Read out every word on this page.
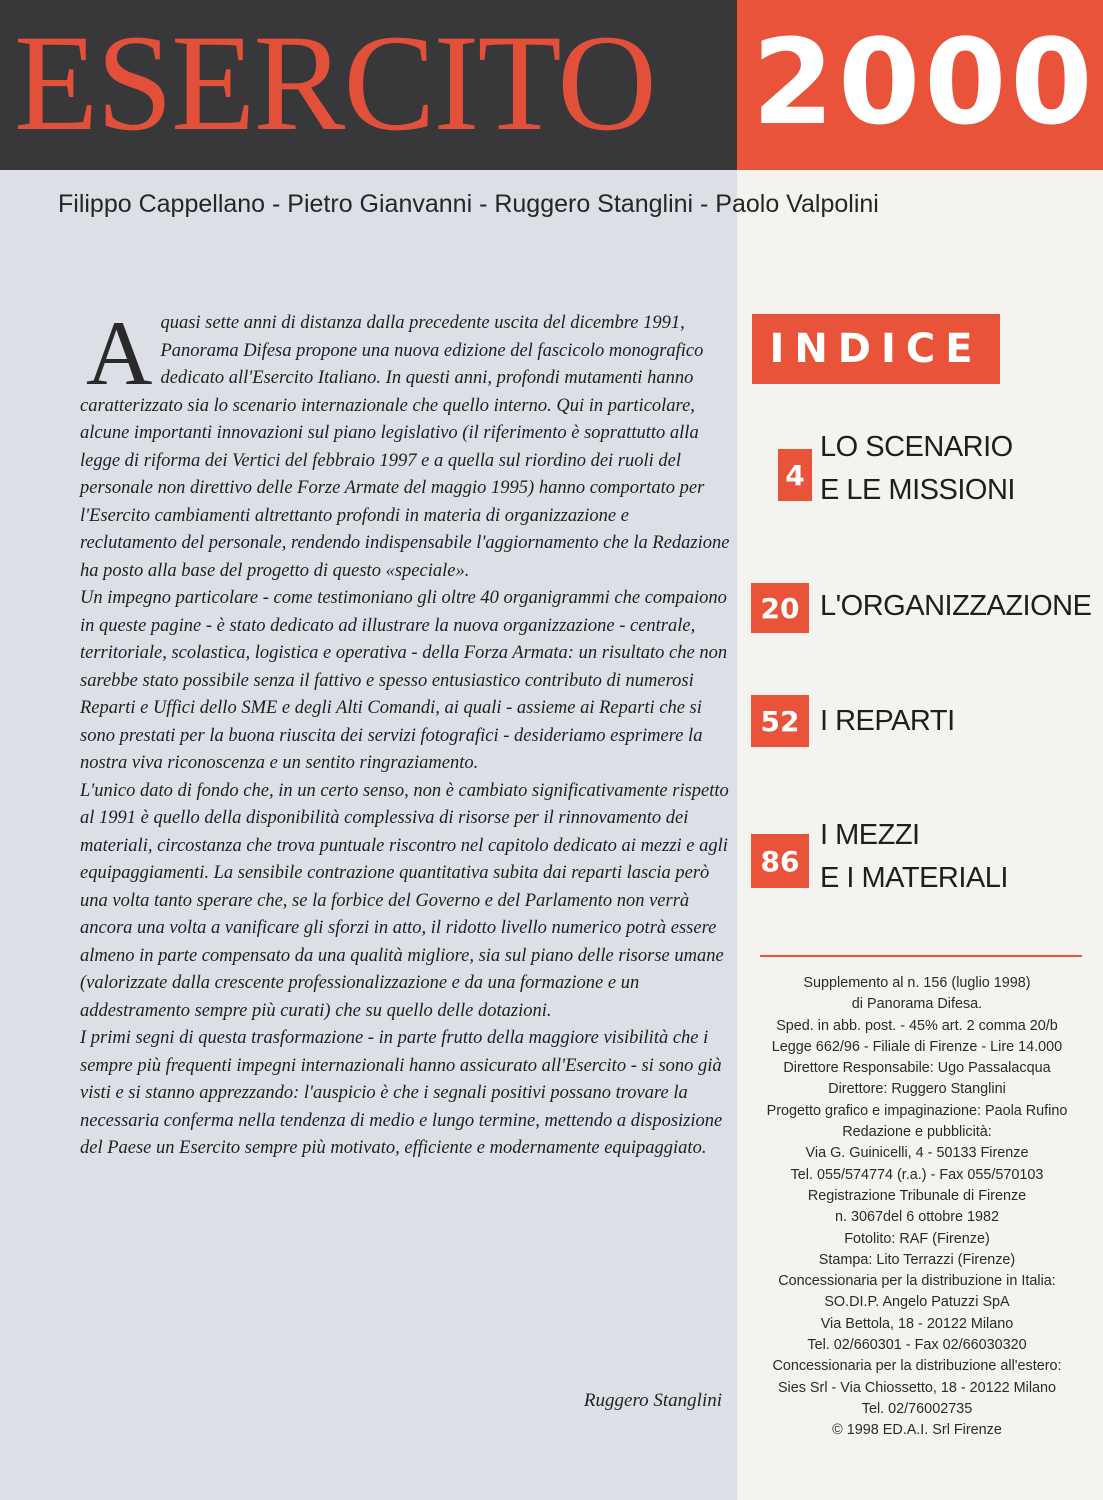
ESERCITO 2000
Filippo Cappellano - Pietro Gianvanni - Ruggero Stanglini - Paolo Valpolini
A quasi sette anni di distanza dalla precedente uscita del dicembre 1991, Panorama Difesa propone una nuova edizione del fascicolo monografico dedicato all'Esercito Italiano. In questi anni, profondi mutamenti hanno caratterizzato sia lo scenario internazionale che quello interno. Qui in particolare, alcune importanti innovazioni sul piano legislativo (il riferimento è soprattutto alla legge di riforma dei Vertici del febbraio 1997 e a quella sul riordino dei ruoli del personale non direttivo delle Forze Armate del maggio 1995) hanno comportato per l'Esercito cambiamenti altrettanto profondi in materia di organizzazione e reclutamento del personale, rendendo indispensabile l'aggiornamento che la Redazione ha posto alla base del progetto di questo «speciale».

Un impegno particolare - come testimoniano gli oltre 40 organigrammi che compaiono in queste pagine - è stato dedicato ad illustrare la nuova organizzazione - centrale, territoriale, scolastica, logistica e operativa - della Forza Armata: un risultato che non sarebbe stato possibile senza il fattivo e spesso entusiastico contributo di numerosi Reparti e Uffici dello SME e degli Alti Comandi, ai quali - assieme ai Reparti che si sono prestati per la buona riuscita dei servizi fotografici - desideriamo esprimere la nostra viva riconoscenza e un sentito ringraziamento.

L'unico dato di fondo che, in un certo senso, non è cambiato significativamente rispetto al 1991 è quello della disponibilità complessiva di risorse per il rinnovamento dei materiali, circostanza che trova puntuale riscontro nel capitolo dedicato ai mezzi e agli equipaggiamenti. La sensibile contrazione quantitativa subita dai reparti lascia però una volta tanto sperare che, se la forbice del Governo e del Parlamento non verrà ancora una volta a vanificare gli sforzi in atto, il ridotto livello numerico potrà essere almeno in parte compensato da una qualità migliore, sia sul piano delle risorse umane (valorizzate dalla crescente professionalizzazione e da una formazione e un addestramento sempre più curati) che su quello delle dotazioni.

I primi segni di questa trasformazione - in parte frutto della maggiore visibilità che i sempre più frequenti impegni internazionali hanno assicurato all'Esercito - si sono già visti e si stanno apprezzando: l'auspicio è che i segnali positivi possano trovare la necessaria conferma nella tendenza di medio e lungo termine, mettendo a disposizione del Paese un Esercito sempre più motivato, efficiente e modernamente equipaggiato.

Ruggero Stanglini
INDICE
4
LO SCENARIO
E LE MISSIONI
20 L'ORGANIZZAZIONE
52 I REPARTI
86
I MEZZI
E I MATERIALI
Supplemento al n. 156 (luglio 1998)
di Panorama Difesa.
Sped. in abb. post. - 45% art. 2 comma 20/b
Legge 662/96 - Filiale di Firenze - Lire 14.000
Direttore Responsabile: Ugo Passalacqua
Direttore: Ruggero Stanglini
Progetto grafico e impaginazione: Paola Rufino
Redazione e pubblicità:
Via G. Guinicelli, 4 - 50133 Firenze
Tel. 055/574774 (r.a.) - Fax 055/570103
Registrazione Tribunale di Firenze
n. 3067del 6 ottobre 1982
Fotolito: RAF (Firenze)
Stampa: Lito Terrazzi (Firenze)
Concessionaria per la distribuzione in Italia:
SO.DI.P. Angelo Patuzzi SpA
Via Bettola, 18 - 20122 Milano
Tel. 02/660301 - Fax 02/66030320
Concessionaria per la distribuzione all'estero:
Sies Srl - Via Chiossetto, 18 - 20122 Milano
Tel. 02/76002735
© 1998 ED.A.I. Srl Firenze
